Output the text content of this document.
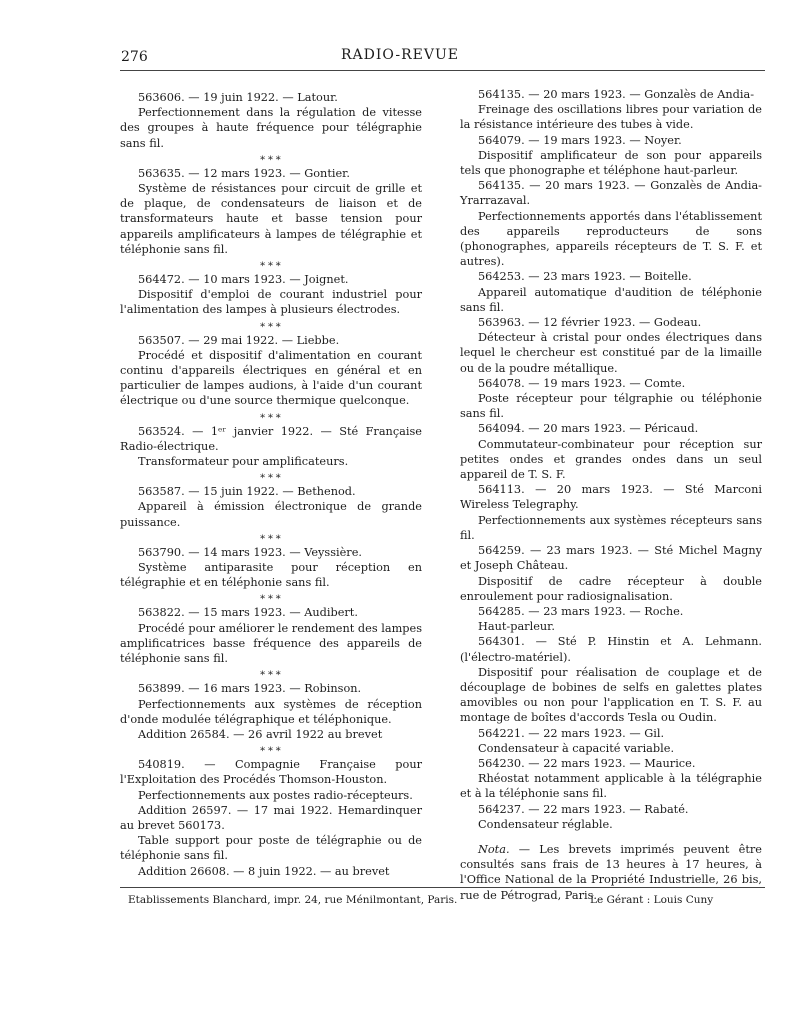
276	RADIO-REVUE

563606. — 19 juin 1922. — Latour.

Perfectionnement dans la régulation de vitesse des groupes à haute fréquence pour télégraphie sans fil.

∗∗∗

563635. — 12 mars 1923. — Gontier.

Système de résistances pour circuit de grille et de plaque, de condensateurs de liaison et de transformateurs haute et basse tension pour appareils amplificateurs à lampes de télégraphie et téléphonie sans fil.

∗∗∗

564472. — 10 mars 1923. — Joignet.

Dispositif d'emploi de courant industriel pour l'alimentation des lampes à plusieurs électrodes.

∗∗∗

563507. — 29 mai 1922. — Liebbe.

Procédé et dispositif d'alimentation en courant continu d'appareils électriques en général et en particulier de lampes audions, à l'aide d'un courant électrique ou d'une source thermique quelconque.

∗∗∗

563524. — 1ᵉʳ janvier 1922. — Sté Française Radio-électrique.

Transformateur pour amplificateurs.

∗∗∗

563587. — 15 juin 1922. — Bethenod.

Appareil à émission électronique de grande puissance.

∗∗∗

563790. — 14 mars 1923. — Veyssière.

Système antiparasite pour réception en télégraphie et en téléphonie sans fil.

∗∗∗

563822. — 15 mars 1923. — Audibert.

Procédé pour améliorer le rendement des lampes amplificatrices basse fréquence des appareils de téléphonie sans fil.

∗∗∗

563899. — 16 mars 1923. — Robinson.

Perfectionnements aux systèmes de réception d'onde modulée télégraphique et téléphonique.

Addition 26584. — 26 avril 1922 au brevet

∗∗∗

540819. — Compagnie Française pour l'Exploitation des Procédés Thomson-Houston.

Perfectionnements aux postes radio-récepteurs.

Addition 26597. — 17 mai 1922. Hemardinquer au brevet 560173.

Table support pour poste de télégraphie ou de téléphonie sans fil.

Addition 26608. — 8 juin 1922. — au brevet

564135. — 20 mars 1923. — Gonzalès de Andia-

Freinage des oscillations libres pour variation de la résistance intérieure des tubes à vide.

564079. — 19 mars 1923. — Noyer.

Dispositif amplificateur de son pour appareils tels que phonographe et téléphone haut-parleur.

564135. — 20 mars 1923. — Gonzalès de Andia-Yrarrazaval.

Perfectionnements apportés dans l'établissement des appareils reproducteurs de sons (phonographes, appareils récepteurs de T. S. F. et autres).

564253. — 23 mars 1923. — Boitelle.

Appareil automatique d'audition de téléphonie sans fil.

563963. — 12 février 1923. — Godeau.

Détecteur à cristal pour ondes électriques dans lequel le chercheur est constitué par de la limaille ou de la poudre métallique.

564078. — 19 mars 1923. — Comte.

Poste récepteur pour télgraphie ou téléphonie sans fil.

564094. — 20 mars 1923. — Péricaud.

Commutateur-combinateur pour réception sur petites ondes et grandes ondes dans un seul appareil de T. S. F.

564113. — 20 mars 1923. — Sté Marconi Wireless Telegraphy.

Perfectionnements aux systèmes récepteurs sans fil.

564259. — 23 mars 1923. — Sté Michel Magny et Joseph Château.

Dispositif de cadre récepteur à double enroulement pour radiosignalisation.

564285. — 23 mars 1923. — Roche.

Haut-parleur.

564301. — Sté P. Hinstin et A. Lehmann. (l'électro-matériel).

Dispositif pour réalisation de couplage et de découplage de bobines de selfs en galettes plates amovibles ou non pour l'application en T. S. F. au montage de boîtes d'accords Tesla ou Oudin.

564221. — 22 mars 1923. — Gil.

Condensateur à capacité variable.

564230. — 22 mars 1923. — Maurice.

Rhéostat notamment applicable à la télégraphie et à la téléphonie sans fil.

564237. — 22 mars 1923. — Rabaté.

Condensateur réglable.

Nota. — Les brevets imprimés peuvent être consultés sans frais de 13 heures à 17 heures, à l'Office National de la Propriété Industrielle, 26 bis, rue de Pétrograd, Paris.

Etablissements Blanchard, impr. 24, rue Ménilmontant, Paris.	Le Gérant : Louis Cuny
